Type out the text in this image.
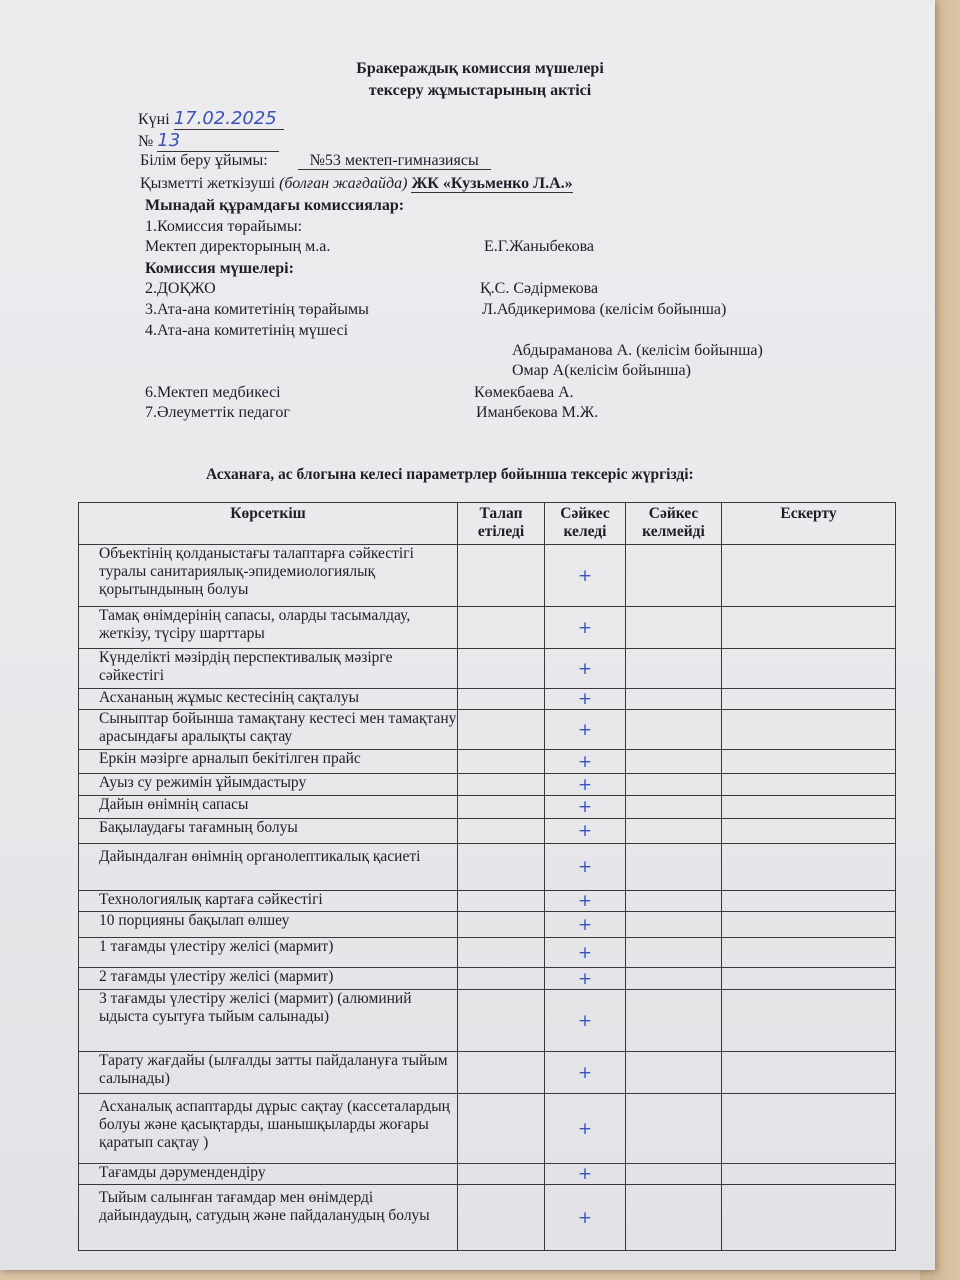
Бракераждық комиссия мүшелері
тексеру жұмыстарының актісі
Күні 17.02.2025
№ 13
Білім беру ұйымы:	№53 мектеп-гимназиясы
Қызметті жеткізуші (болған жағдайда) ЖК «Кузьменко Л.А.»
Мынадай құрамдағы комиссиялар:
1.Комиссия төрайымы:
Мектеп директорының м.а.	Е.Г.Жаныбекова
Комиссия мүшелері:
2.ДОҚЖО	Қ.С. Сәдірмекова
3.Ата-ана комитетінің төрайымы	Л.Абдикеримова (келісім бойынша)
4.Ата-ана комитетінің мүшесі
Абдыраманова А. (келісім бойынша)
Омар А(келісім бойынша)
6.Мектеп медбикесі	Көмекбаева А.
7.Әлеуметтік педагог	Иманбекова М.Ж.
Асханаға, ас блогына келесі параметрлер бойынша тексеріс жүргізді:
Көрсеткіш	Талап етіледі	Сәйкес келеді	Сәйкес келмейді	Ескерту
Объектінің қолданыстағы талаптарға сәйкестігі туралы санитариялық-эпидемиологиялық қорытындының болуы		+		
Тамақ өнімдерінің сапасы, оларды тасымалдау, жеткізу, түсіру шарттары		+		
Күнделікті мәзірдің перспективалық мәзірге сәйкестігі		+		
Асхананың жұмыс кестесінің сақталуы		+		
Сыныптар бойынша тамақтану кестесі мен тамақтану арасындағы аралықты сақтау		+		
Еркін мәзірге арналып бекітілген прайс		+		
Ауыз су режимін ұйымдастыру		+		
Дайын өнімнің сапасы		+		
Бақылаудағы тағамның болуы		+		
Дайындалған өнімнің органолептикалық қасиеті		+		
Технологиялық картаға сәйкестігі		+		
10 порцияны бақылап өлшеу		+		
1 тағамды үлестіру желісі (мармит)		+		
2 тағамды үлестіру желісі (мармит)		+		
3 тағамды үлестіру желісі (мармит) (алюминий ыдыста суытуға тыйым салынады)		+		
Тарату жағдайы (ылғалды затты пайдалануға тыйым салынады)		+		
Асханалық аспаптарды дұрыс сақтау (кассеталардың болуы және қасықтарды, шанышқыларды жоғары қаратып сақтау )		+		
Тағамды дәрумендендіру		+		
Тыйым салынған тағамдар мен өнімдерді дайындаудың, сатудың және пайдаланудың болуы		+		
